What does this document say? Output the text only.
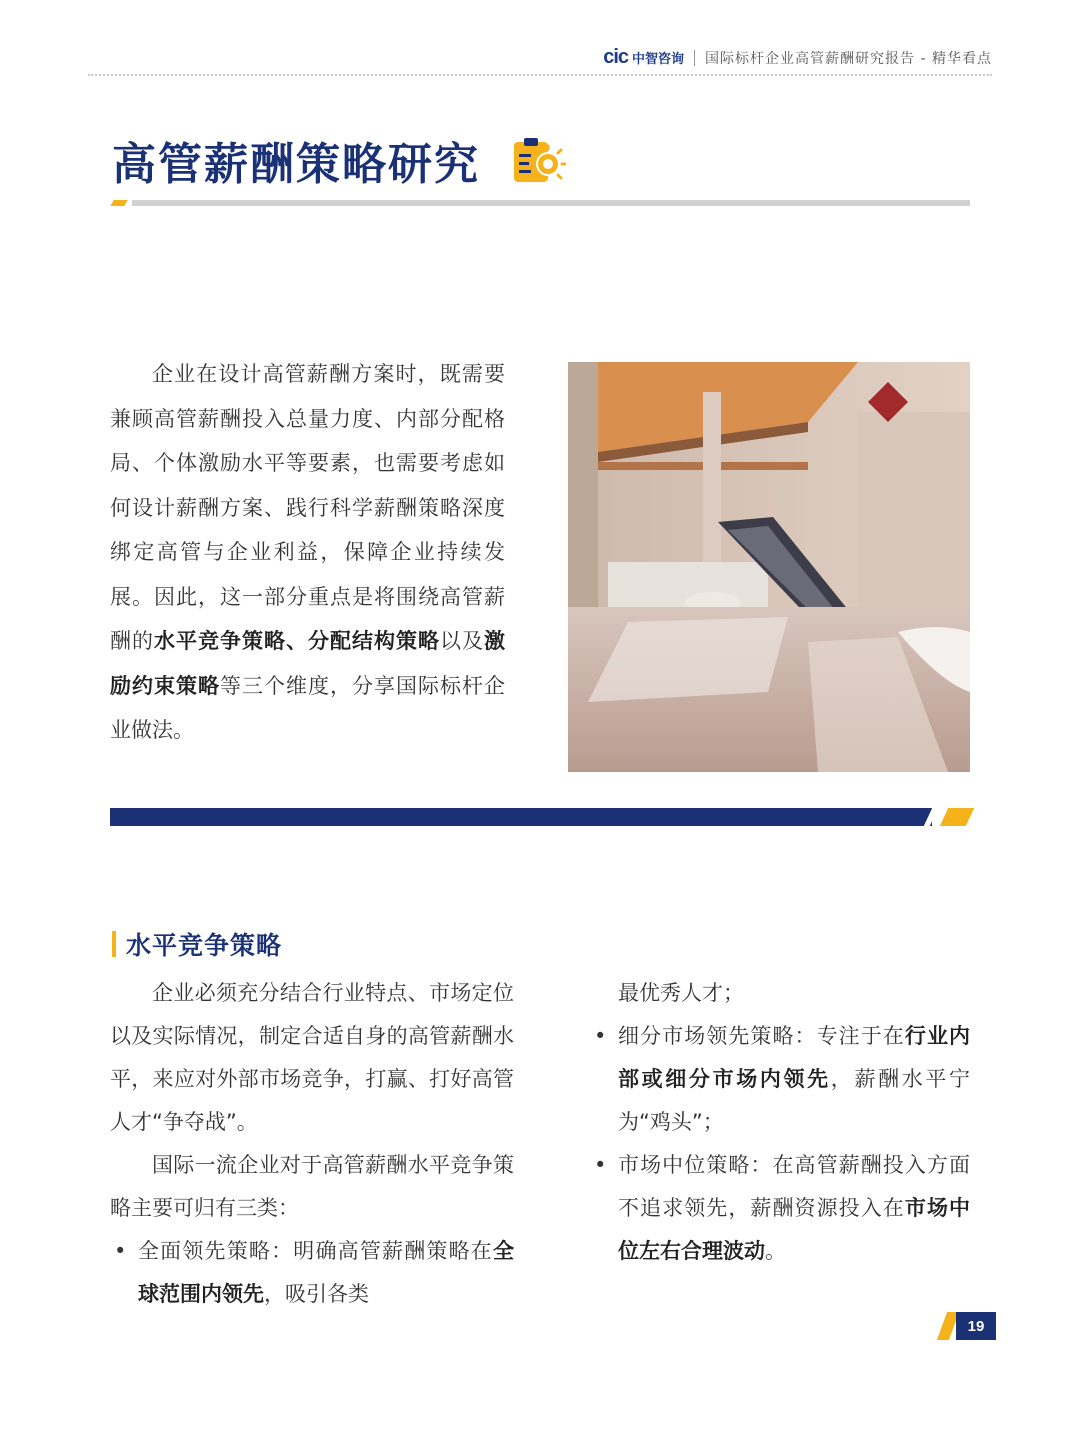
cic 中智咨询 国际标杆企业高管薪酬研究报告 - 精华看点
高管薪酬策略研究

企业在设计高管薪酬方案时，既需要兼顾高管薪酬投入总量力度、内部分配格局、个体激励水平等要素，也需要考虑如何设计薪酬方案、践行科学薪酬策略深度绑定高管与企业利益，保障企业持续发展。因此，这一部分重点是将围绕高管薪酬的水平竞争策略、分配结构策略以及激励约束策略等三个维度，分享国际标杆企业做法。

水平竞争策略

企业必须充分结合行业特点、市场定位以及实际情况，制定合适自身的高管薪酬水平，来应对外部市场竞争，打赢、打好高管人才“争夺战”。

国际一流企业对于高管薪酬水平竞争策略主要可归有三类：

• 全面领先策略：明确高管薪酬策略在全球范围内领先，吸引各类

最优秀人才；

• 细分市场领先策略：专注于在行业内部或细分市场内领先，薪酬水平宁为“鸡头”；

• 市场中位策略：在高管薪酬投入方面不追求领先，薪酬资源投入在市场中位左右合理波动。

19
